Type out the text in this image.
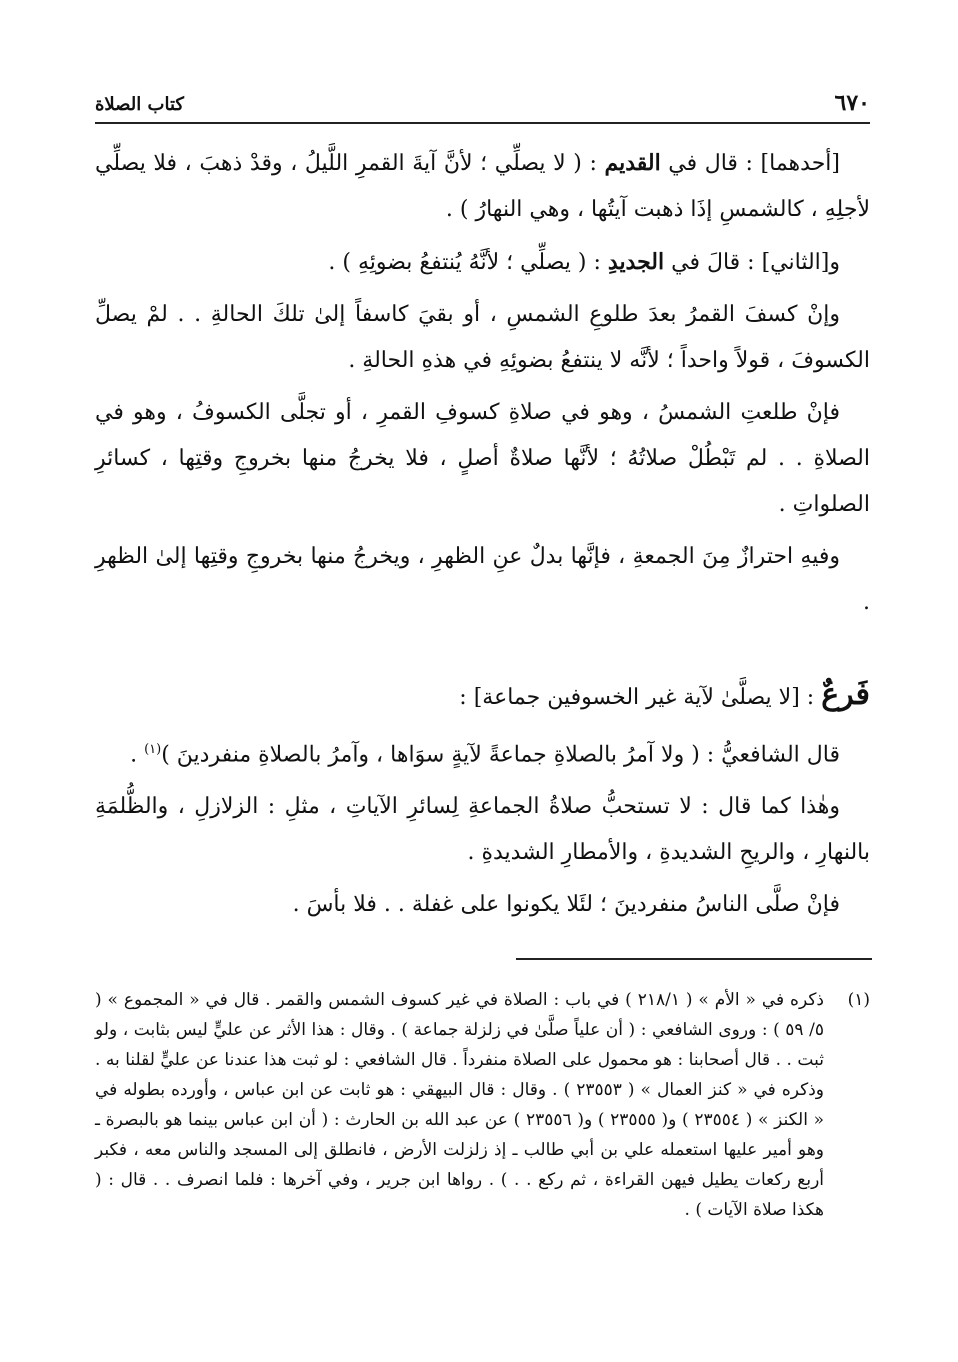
٦٧٠
كتاب الصلاة

[أحدهما] : قال في القديم : ( لا يصلِّي ؛ لأنَّ آيةَ القمرِ اللَّيلُ ، وقدْ ذهبَ ، فلا يصلِّي لأجلِهِ ، كالشمسِ إذَا ذهبت آيتُها ، وهي النهارُ ) .

و[الثاني] : قالَ في الجديدِ : ( يصلِّي ؛ لأنَّهُ يُنتفعُ بضوئِهِ ) .

وإنْ كسفَ القمرُ بعدَ طلوعِ الشمسِ ، أو بقيَ كاسفاً إلىٰ تلكَ الحالةِ . . لمْ يصلِّ الكسوفَ ، قولاً واحداً ؛ لأنَّه لا ينتفعُ بضوئِهِ في هذهِ الحالةِ .

فإنْ طلعتِ الشمسُ ، وهو في صلاةِ كسوفِ القمرِ ، أو تجلَّى الكسوفُ ، وهو في الصلاةِ . . لم تَبْطُلْ صلاتُهُ ؛ لأنَّها صلاةٌ أصلٍ ، فلا يخرجُ منها بخروجِ وقتِها ، كسائرِ الصلواتِ .

وفيهِ احترازٌ مِنَ الجمعةِ ، فإنَّها بدلٌ عنِ الظهرِ ، ويخرجُ منها بخروجِ وقتِها إلىٰ الظهرِ .

فَرعٌ : [لا يصلَّىٰ لآية غير الخسوفين جماعة] :

قال الشافعيُّ : ( ولا آمرُ بالصلاةِ جماعةً لآيةٍ سوَاها ، وآمرُ بالصلاةِ منفردينَ )$^{(١)}$ .

وهٰذا كما قال : لا تستحبُّ صلاةُ الجماعةِ لِسائرِ الآياتِ ، مثلِ : الزلازلِ ، والظُّلمَةِ بالنهارِ ، والريحِ الشديدةِ ، والأمطارِ الشديدةِ .

فإنْ صلَّى الناسُ منفردينَ ؛ لئَلا يكونوا على غفلة . . فلا بأسَ .

(١)
ذكره في « الأم » ( ٢١٨/١ ) في باب : الصلاة في غير كسوف الشمس والقمر . قال في « المجموع » ( ٥/ ٥٩ ) : وروى الشافعي : ( أن علياً صلَّىٰ في زلزلة جماعة ) . وقال : هذا الأثر عن عليٍّ ليس بثابت ، ولو ثبت . . قال أصحابنا : هو محمول على الصلاة منفرداً . قال الشافعي : لو ثبت هذا عندنا عن عليٍّ لقلنا به . وذكره في « كنز العمال » ( ٢٣٥٥٣ ) . وقال : قال البيهقي : هو ثابت عن ابن عباس ، وأورده بطوله في « الكنز » ( ٢٣٥٥٤ ) و( ٢٣٥٥٥ ) و( ٢٣٥٥٦ ) عن عبد الله بن الحارث : ( أن ابن عباس بينما هو بالبصرة ـ وهو أمير عليها استعمله علي بن أبي طالب ـ إذ زلزلت الأرض ، فانطلق إلى المسجد والناس معه ، فكبر أربع ركعات يطيل فيهن القراءة ، ثم ركع . . ) . رواها ابن جرير ، وفي آخرها : فلما انصرف . . قال : ( هكذا صلاة الآيات ) .
